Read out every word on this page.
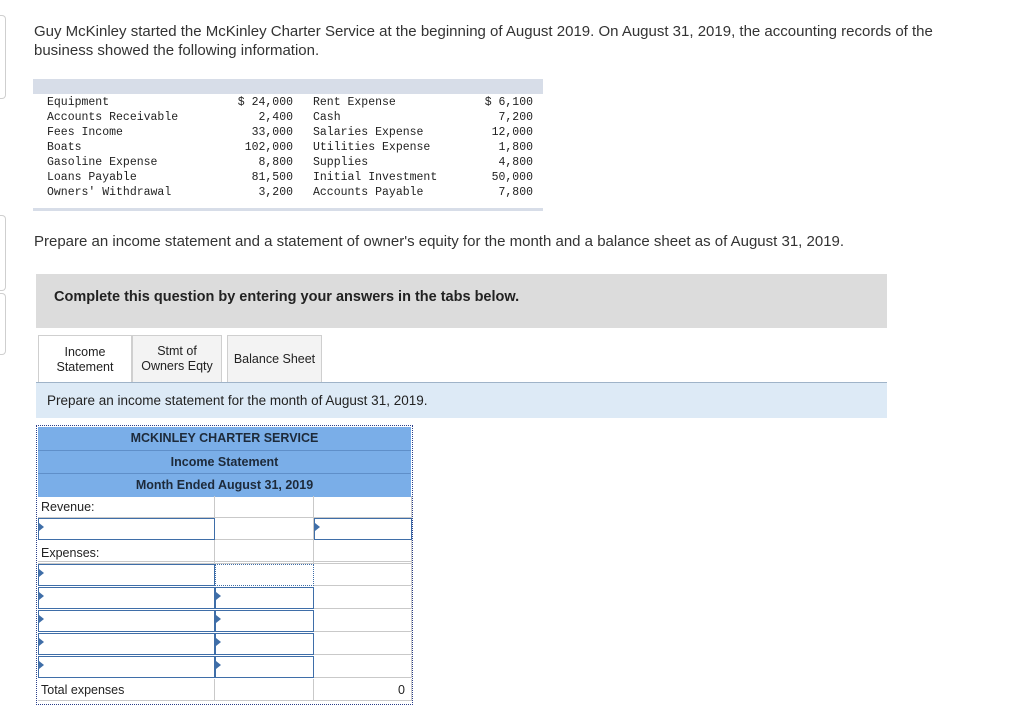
Guy McKinley started the McKinley Charter Service at the beginning of August 2019. On August 31, 2019, the accounting records of the business showed the following information.

Equipment	$ 24,000	Rent Expense	$ 6,100
Accounts Receivable	2,400	Cash	7,200
Fees Income	33,000	Salaries Expense	12,000
Boats	102,000	Utilities Expense	1,800
Gasoline Expense	8,800	Supplies	4,800
Loans Payable	81,500	Initial Investment	50,000
Owners' Withdrawal	3,200	Accounts Payable	7,800

Prepare an income statement and a statement of owner's equity for the month and a balance sheet as of August 31, 2019.

Complete this question by entering your answers in the tabs below.
Income
Statement
Stmt of
Owners Eqty
Balance Sheet
Prepare an income statement for the month of August 31, 2019.
MCKINLEY CHARTER SERVICE
Income Statement
Month Ended August 31, 2019
Revenue:
Expenses:
Total expenses	0
